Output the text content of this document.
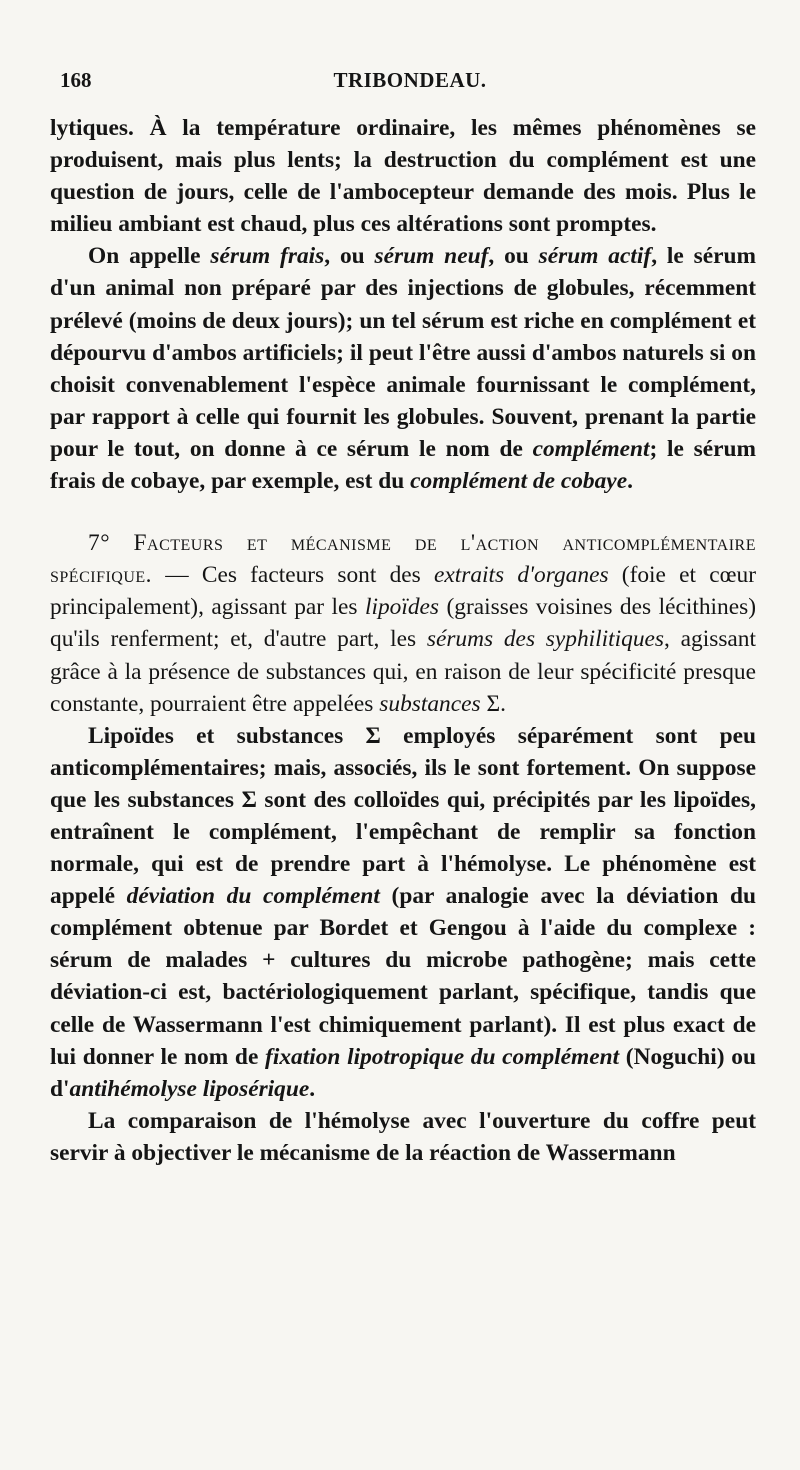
168	TRIBONDEAU.

lytiques. À la température ordinaire, les mêmes phénomènes se produisent, mais plus lents; la destruction du complément est une question de jours, celle de l'ambocepteur demande des mois. Plus le milieu ambiant est chaud, plus ces altérations sont promptes.

On appelle sérum frais, ou sérum neuf, ou sérum actif, le sérum d'un animal non préparé par des injections de globules, récemment prélevé (moins de deux jours); un tel sérum est riche en complément et dépourvu d'ambos artificiels; il peut l'être aussi d'ambos naturels si on choisit convenablement l'espèce animale fournissant le complément, par rapport à celle qui fournit les globules. Souvent, prenant la partie pour le tout, on donne à ce sérum le nom de complément; le sérum frais de cobaye, par exemple, est du complément de cobaye.

7° Facteurs et mécanisme de l'action anticomplémentaire spécifique. — Ces facteurs sont des extraits d'organes (foie et cœur principalement), agissant par les lipoïdes (graisses voisines des lécithines) qu'ils renferment; et, d'autre part, les sérums des syphilitiques, agissant grâce à la présence de substances qui, en raison de leur spécificité presque constante, pourraient être appelées substances Σ.

Lipoïdes et substances Σ employés séparément sont peu anticomplémentaires; mais, associés, ils le sont fortement. On suppose que les substances Σ sont des colloïdes qui, précipités par les lipoïdes, entraînent le complément, l'empêchant de remplir sa fonction normale, qui est de prendre part à l'hémolyse. Le phénomène est appelé déviation du complément (par analogie avec la déviation du complément obtenue par Bordet et Gengou à l'aide du complexe : sérum de malades + cultures du microbe pathogène; mais cette déviation-ci est, bactériologiquement parlant, spécifique, tandis que celle de Wassermann l'est chimiquement parlant). Il est plus exact de lui donner le nom de fixation lipotropique du complément (Noguchi) ou d'antihémolyse liposérique.

La comparaison de l'hémolyse avec l'ouverture du coffre peut servir à objectiver le mécanisme de la réaction de Wassermann
